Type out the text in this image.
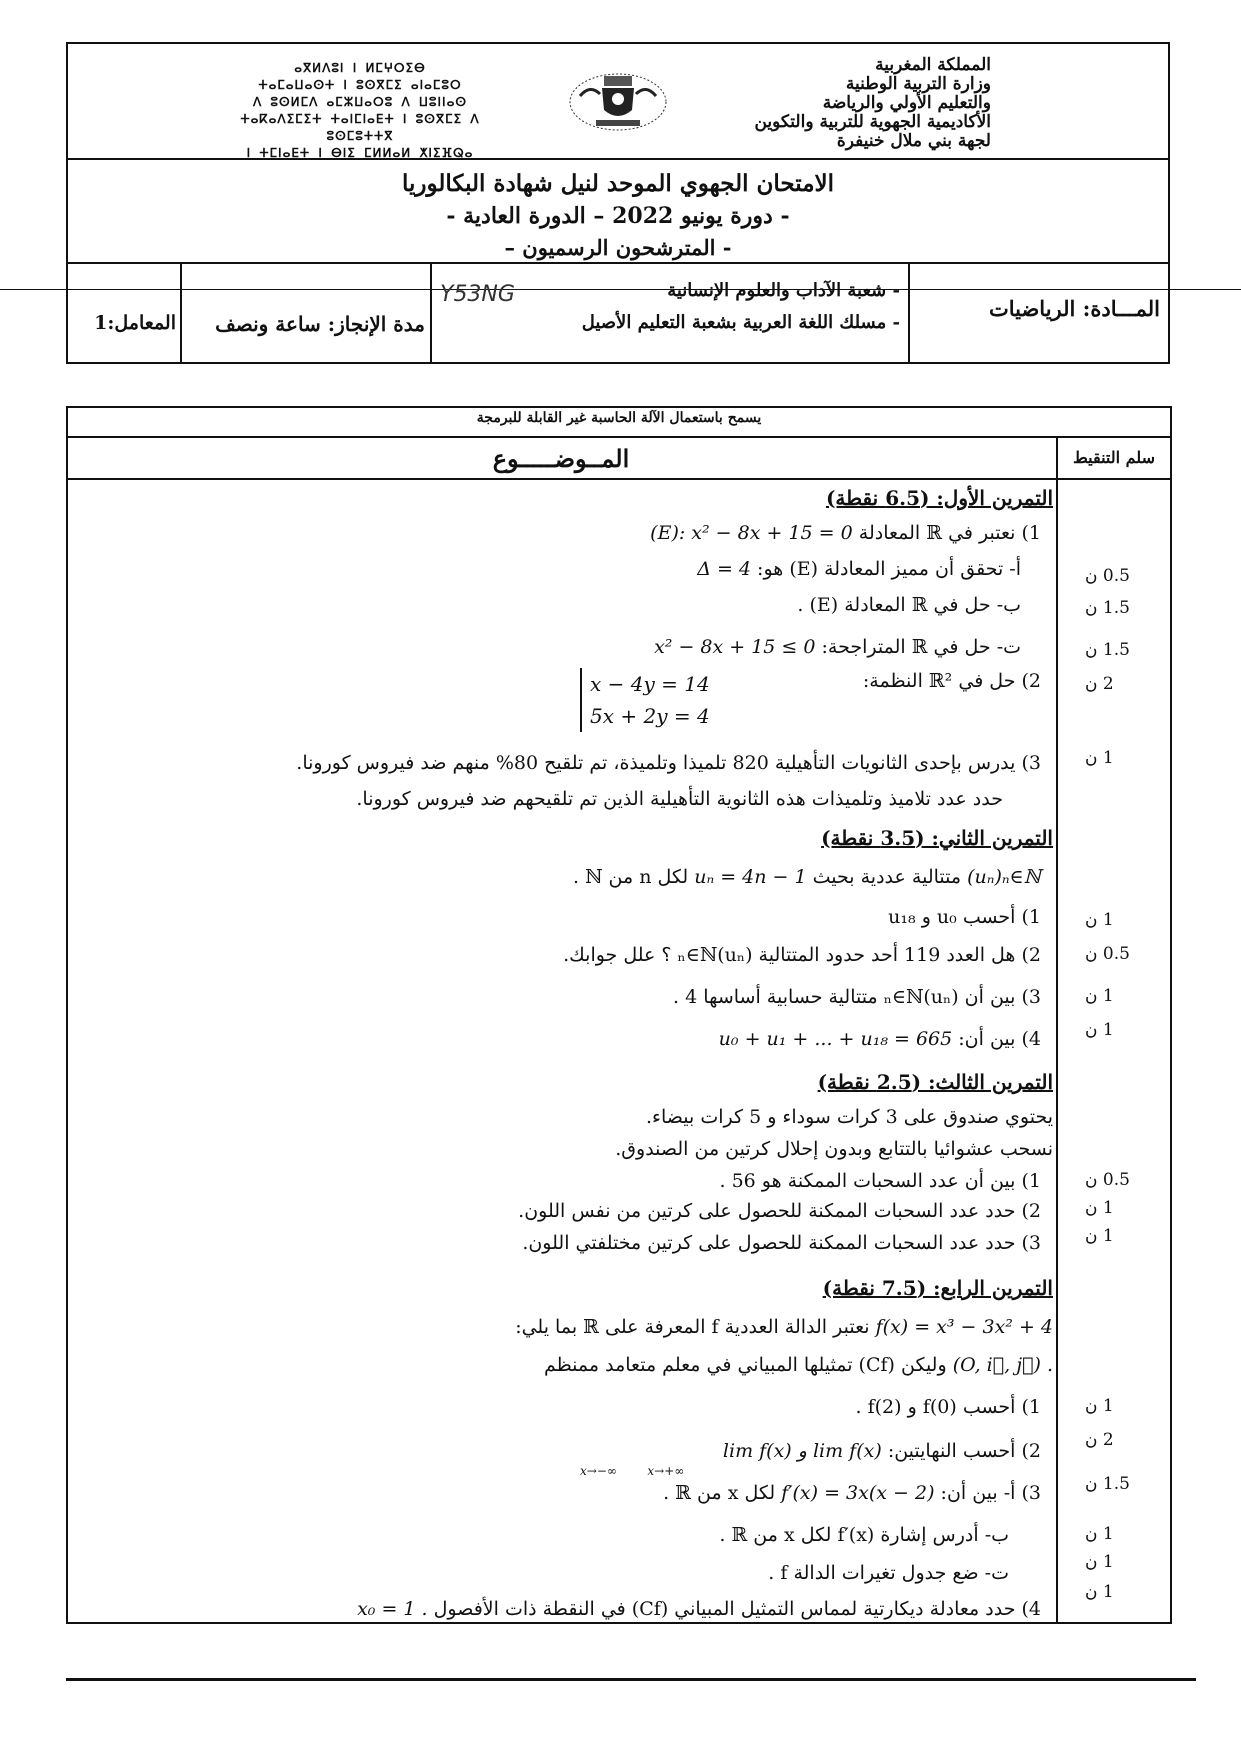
المملكة المغربية
وزارة التربية الوطنية
والتعليم الأولي والرياضة
الأكاديمية الجهوية للتربية والتكوين
لجهة بني ملال خنيفرة
ⴰⴳⵍⴷⵓⵏ ⵏ ⵍⵎⵖⵔⵉⴱ
ⵜⴰⵎⴰⵡⴰⵙⵜ ⵏ ⵓⵙⴳⵎⵉ ⴰⵏⴰⵎⵓⵔ
ⴷ ⵓⵙⵍⵎⴷ ⴰⵎⵣⵡⴰⵔⵓ ⴷ ⵡⵓⵏⵏⴰⵙ
ⵜⴰⴽⴰⴷⵉⵎⵉⵜ ⵜⴰⵏⵎⵏⴰⴹⵜ ⵏ ⵓⵙⴳⵎⵉ ⴷ ⵓⵙⵎⵓⵜⵜⴳ
ⵏ ⵜⵎⵏⴰⴹⵜ ⵏ ⴱⵏⵉ ⵎⵍⵍⴰⵍ ⵅⵏⵉⴼⵕⴰ
الامتحان الجهوي الموحد لنيل شهادة البكالوريا
- دورة يونيو 2022 – الدورة العادية -
- المترشحون الرسميون –
المـــادة: الرياضيات
- شعبة الآداب والعلوم الإنسانية
- مسلك اللغة العربية بشعبة التعليم الأصيل
Y53NG
مدة الإنجاز: ساعة ونصف
المعامل:1
يسمح باستعمال الآلة الحاسبة غير القابلة للبرمجة
المــوضـــــوع	سلم التنقيط
التمرين الأول: (6.5 نقطة)
1) نعتبر في ℝ المعادلة (E): x² − 8x + 15 = 0
أ- تحقق أن مميز المعادلة (E) هو: Δ = 4
ب- حل في ℝ المعادلة (E) .
ت- حل في ℝ المتراجحة: x² − 8x + 15 ≤ 0
2) حل في ℝ² النظمة:
x − 4y = 14
5x + 2y = 4
3) يدرس بإحدى الثانويات التأهيلية 820 تلميذا وتلميذة، تم تلقيح 80% منهم ضد فيروس كورونا.
حدد عدد تلاميذ وتلميذات هذه الثانوية التأهيلية الذين تم تلقيحهم ضد فيروس كورونا.
0.5 ن
1.5 ن
1.5 ن
2 ن
1 ن
التمرين الثاني: (3.5 نقطة)
(uₙ)ₙ∈ℕ متتالية عددية بحيث uₙ = 4n − 1 لكل n من ℕ .
1) أحسب u₀ و u₁₈
2) هل العدد 119 أحد حدود المتتالية (uₙ)ₙ∈ℕ ؟ علل جوابك.
3) بين أن (uₙ)ₙ∈ℕ متتالية حسابية أساسها 4 .
4) بين أن: u₀ + u₁ + ... + u₁₈ = 665
1 ن
0.5 ن
1 ن
1 ن
التمرين الثالث: (2.5 نقطة)
يحتوي صندوق على 3 كرات سوداء و 5 كرات بيضاء.
نسحب عشوائيا بالتتابع وبدون إحلال كرتين من الصندوق.
1) بين أن عدد السحبات الممكنة هو 56 .
2) حدد عدد السحبات الممكنة للحصول على كرتين من نفس اللون.
3) حدد عدد السحبات الممكنة للحصول على كرتين مختلفتي اللون.
0.5 ن
1 ن
1 ن
التمرين الرابع: (7.5 نقطة)
f(x) = x³ − 3x² + 4 نعتبر الدالة العددية f المعرفة على ℝ بما يلي:
(O, i⃗, j⃗) . وليكن (Cf) تمثيلها المبياني في معلم متعامد ممنظم
1) أحسب f(0) و f(2) .
2) أحسب النهايتين: lim f(x) و lim f(x)
x→−∞        x→+∞
3) أ- بين أن: f′(x) = 3x(x − 2) لكل x من ℝ .
ب- أدرس إشارة f′(x) لكل x من ℝ .
ت- ضع جدول تغيرات الدالة f .
4) حدد معادلة ديكارتية لمماس التمثيل المبياني (Cf) في النقطة ذات الأفصول x₀ = 1 .
1 ن
2 ن
1.5 ن
1 ن
1 ن
1 ن
